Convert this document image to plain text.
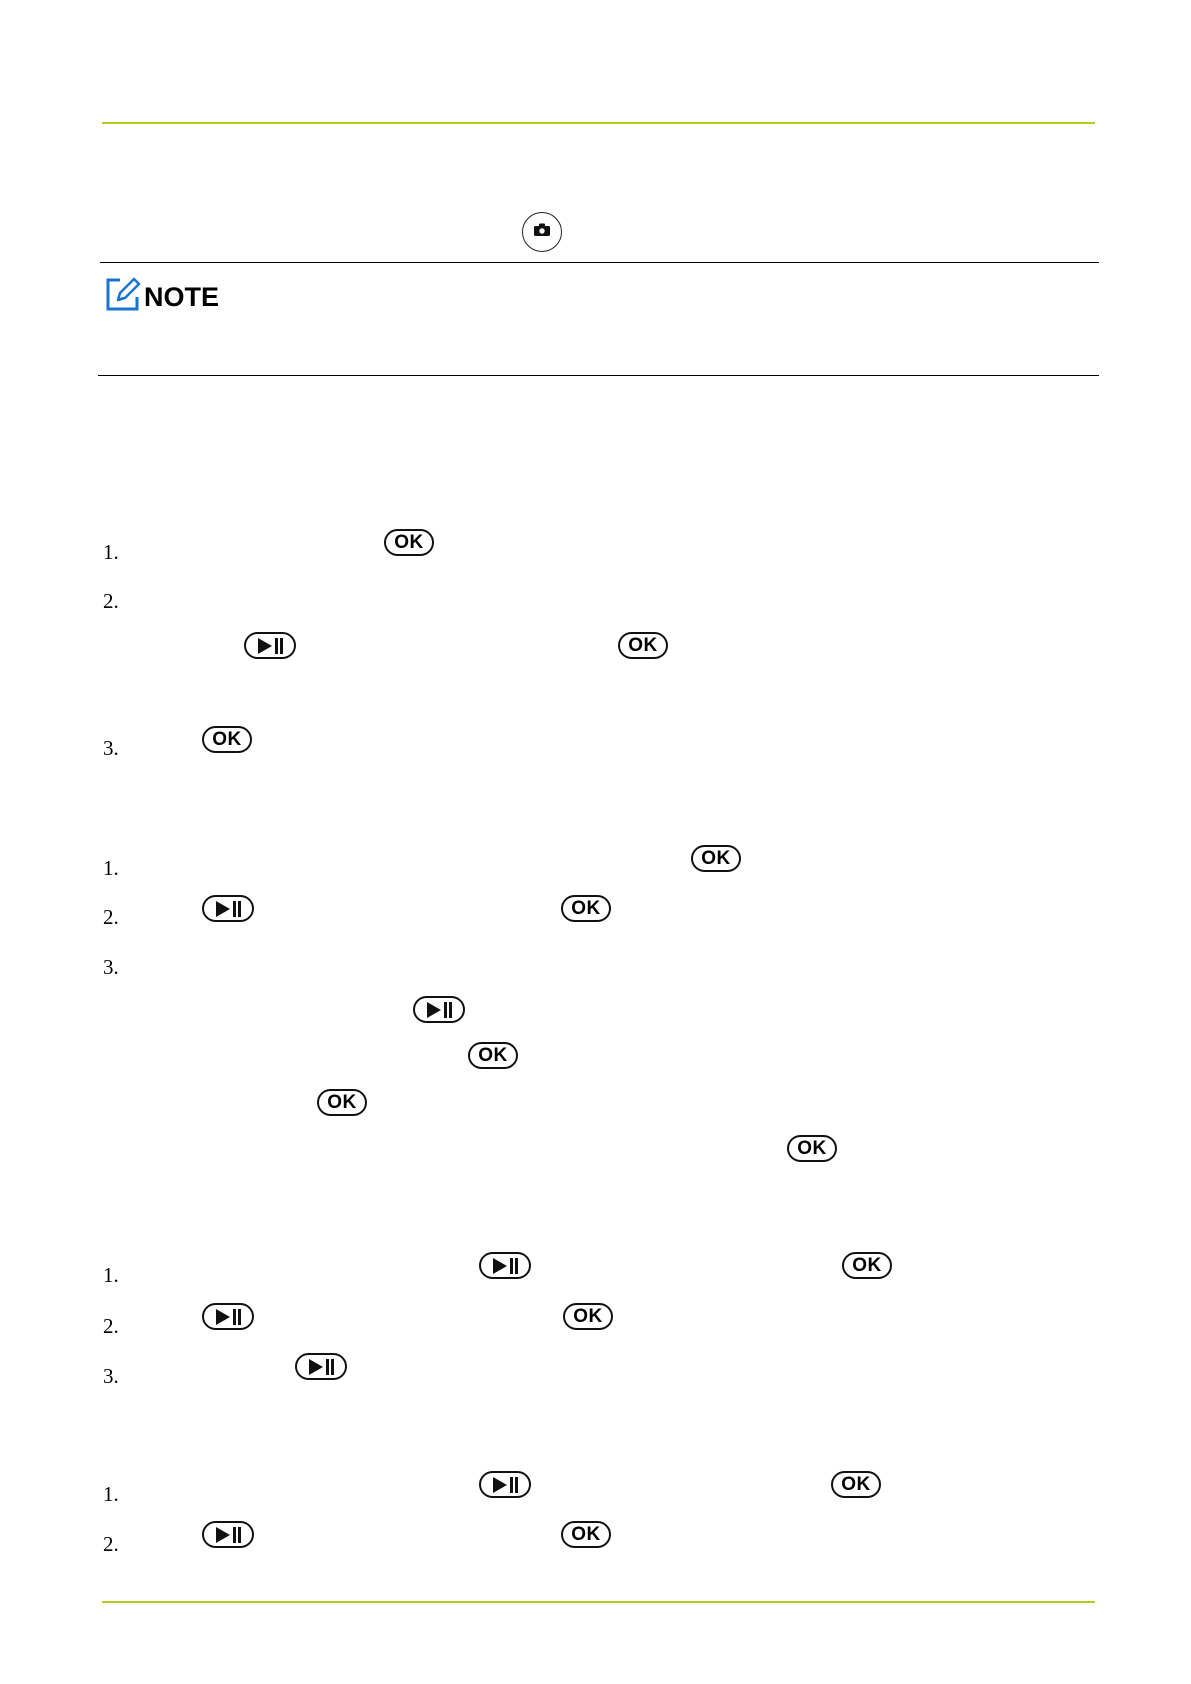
NOTE
1.	OK
2.
OK
3.	OK
1.	OK
2.	OK
3.
OK
OK
OK
1.	OK
2.	OK
3.
1.	OK
2.	OK
